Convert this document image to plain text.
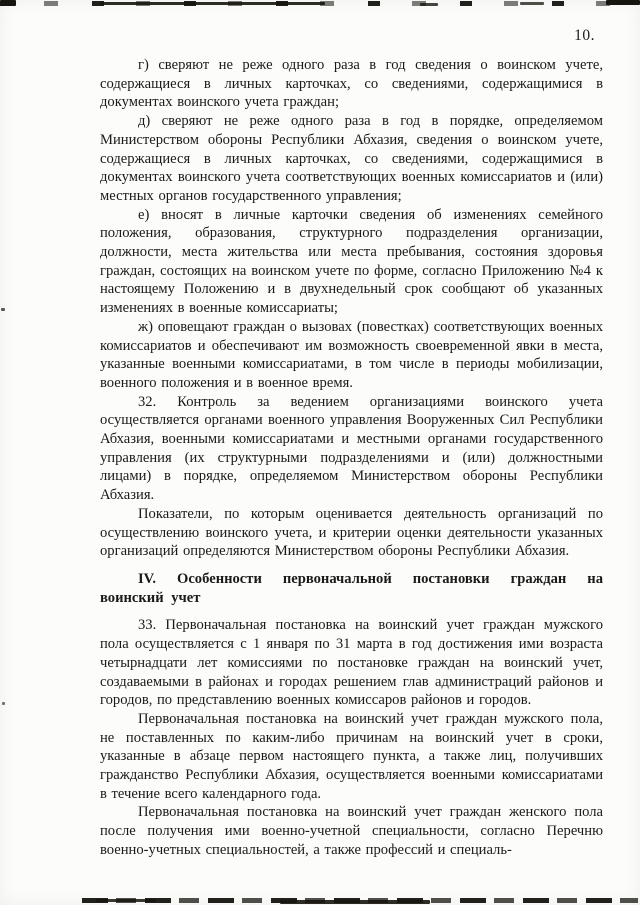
10.

г) сверяют не реже одного раза в год сведения о воинском учете, содержащиеся в личных карточках, со сведениями, содержащимися в документах воинского учета граждан;

д) сверяют не реже одного раза в год в порядке, определяемом Министерством обороны Республики Абхазия, сведения о воинском учете, содержащиеся в личных карточках, со сведениями, содержащимися в документах воинского учета соответствующих военных комиссариатов и (или) местных органов государственного управления;

е) вносят в личные карточки сведения об изменениях семейного положения, образования, структурного подразделения организации, должности, места жительства или места пребывания, состояния здоровья граждан, состоящих на воинском учете по форме, согласно Приложению №4 к настоящему Положению и в двухнедельный срок сообщают об указанных изменениях в военные комиссариаты;

ж) оповещают граждан о вызовах (повестках) соответствующих военных комиссариатов и обеспечивают им возможность своевременной явки в места, указанные военными комиссариатами, в том числе в периоды мобилизации, военного положения и в военное время.

32. Контроль за ведением организациями воинского учета осуществляется органами военного управления Вооруженных Сил Республики Абхазия, военными комиссариатами и местными органами государственного управления (их структурными подразделениями и (или) должностными лицами) в порядке, определяемом Министерством обороны Республики Абхазия.

Показатели, по которым оценивается деятельность организаций по осуществлению воинского учета, и критерии оценки деятельности указанных организаций определяются Министерством обороны Республики Абхазия.

IV. Особенности первоначальной постановки граждан на воинский учет

33. Первоначальная постановка на воинский учет граждан мужского пола осуществляется с 1 января по 31 марта в год достижения ими возраста четырнадцати лет комиссиями по постановке граждан на воинский учет, создаваемыми в районах и городах решением глав администраций районов и городов, по представлению военных комиссаров районов и городов.

Первоначальная постановка на воинский учет граждан мужского пола, не поставленных по каким-либо причинам на воинский учет в сроки, указанные в абзаце первом настоящего пункта, а также лиц, получивших гражданство Республики Абхазия, осуществляется военными комиссариатами в течение всего календарного года.

Первоначальная постановка на воинский учет граждан женского пола после получения ими военно-учетной специальности, согласно Перечню военно-учетных специальностей, а также профессий и специаль-
